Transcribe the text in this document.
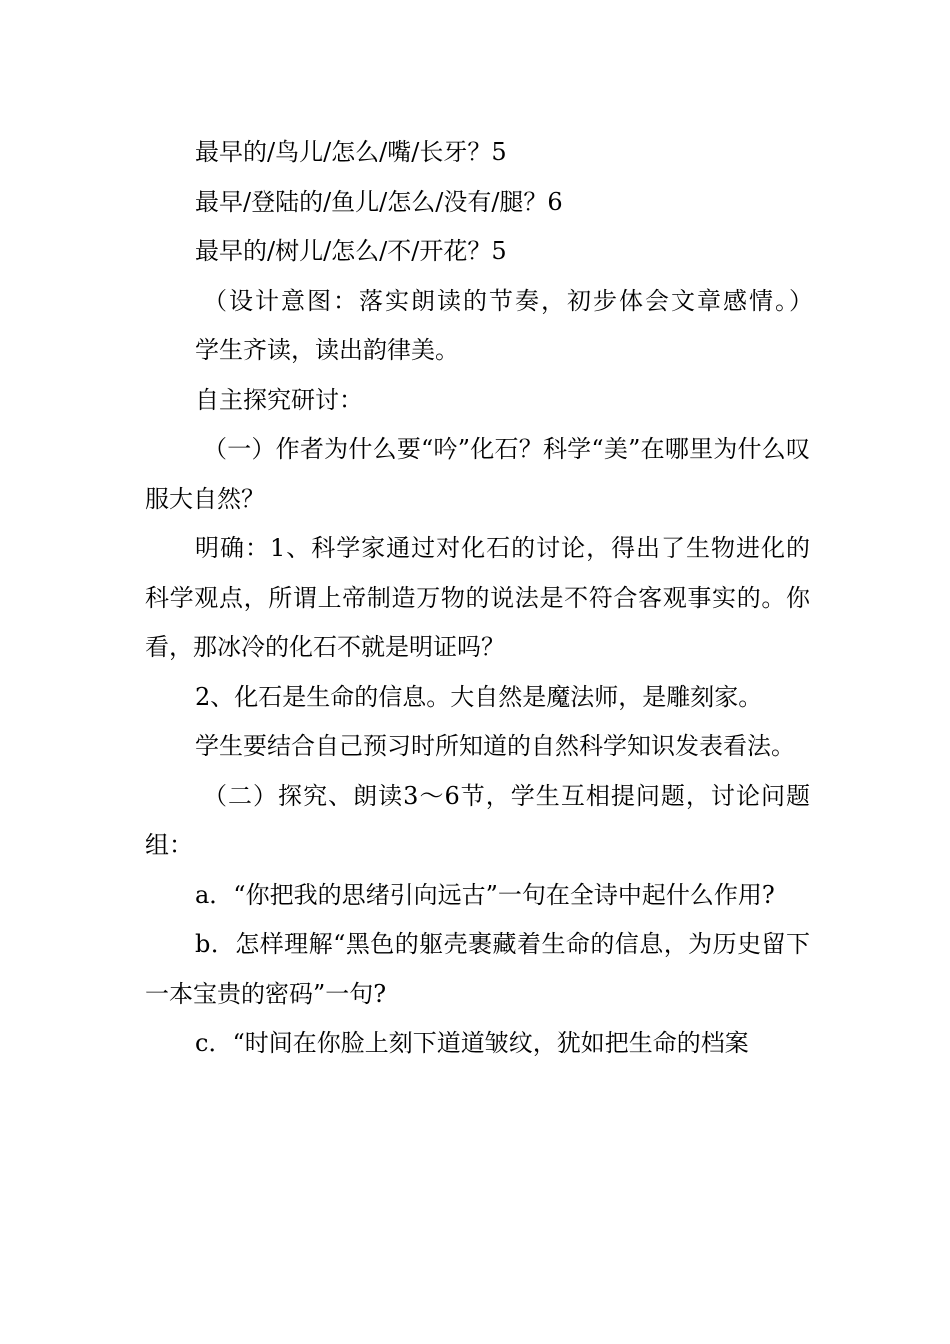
最早的/鸟儿/怎么/嘴/长牙？5

最早/登陆的/鱼儿/怎么/没有/腿？6

最早的/树儿/怎么/不/开花？5

（设计意图：落实朗读的节奏，初步体会文章感情。）

学生齐读，读出韵律美。

自主探究研讨：

（一）作者为什么要“吟”化石？科学“美”在哪里为什么叹服大自然？

明确：1、科学家通过对化石的讨论，得出了生物进化的科学观点，所谓上帝制造万物的说法是不符合客观事实的。你看，那冰冷的化石不就是明证吗？

2、化石是生命的信息。大自然是魔法师，是雕刻家。

学生要结合自己预习时所知道的自然科学知识发表看法。

（二）探究、朗读3～6节，学生互相提问题，讨论问题组：

a．“你把我的思绪引向远古”一句在全诗中起什么作用?

b．怎样理解“黑色的躯壳裹藏着生命的信息，为历史留下一本宝贵的密码”一句?

c．“时间在你脸上刻下道道皱纹，犹如把生命的档案
